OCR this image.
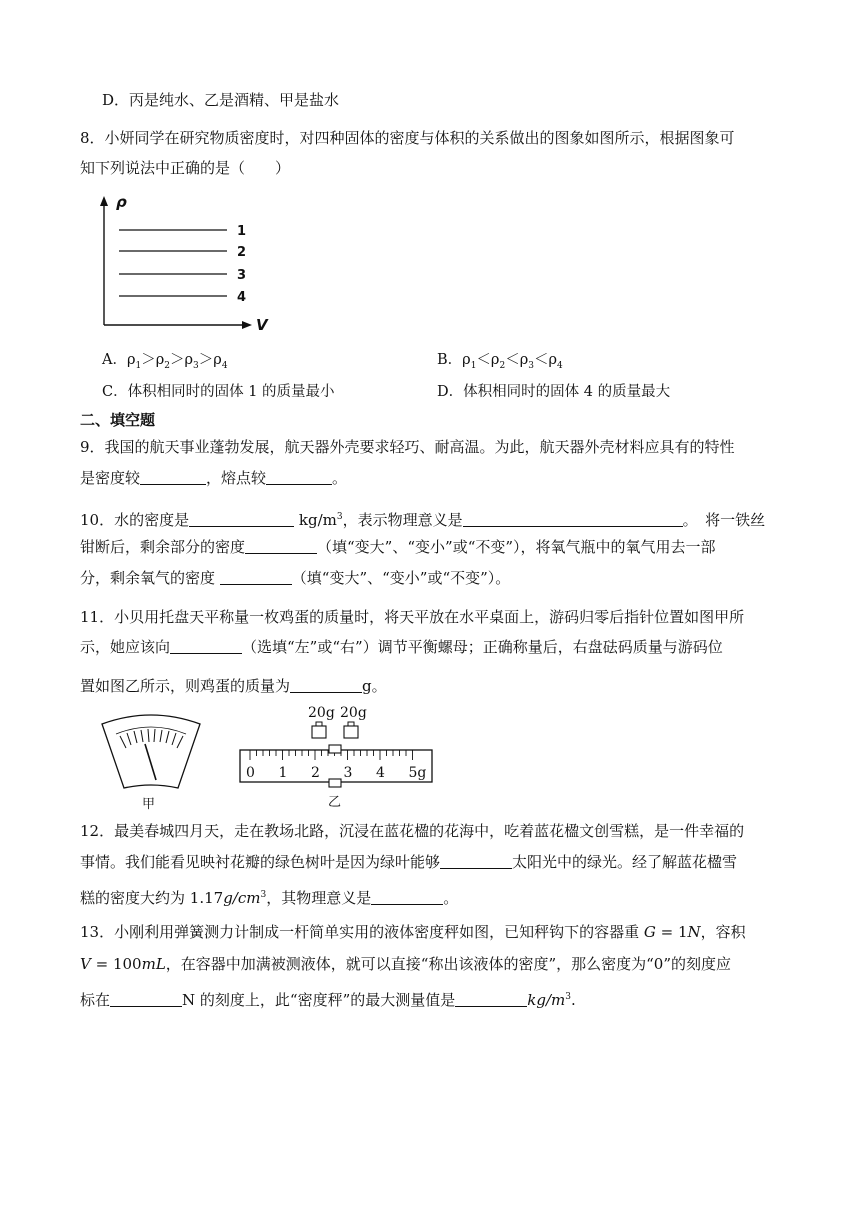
D．丙是纯水、乙是酒精、甲是盐水
8．小妍同学在研究物质密度时，对四种固体的密度与体积的关系做出的图象如图所示，根据图象可
知下列说法中正确的是（　　）
ρ
V
1
2
3
4
A．$\rho_1>\rho_2>\rho_3>\rho_4$	B．$\rho_1<\rho_2<\rho_3<\rho_4$
C．体积相同时的固体 1 的质量最小	D．体积相同时的固体 4 的质量最大
二、填空题
9．我国的航天事业蓬勃发展，航天器外壳要求轻巧、耐高温。为此，航天器外壳材料应具有的特性
是密度较	，熔点较	。
10．水的密度是	$kg/m^3$，表示物理意义是	。　将一铁丝
钳断后，剩余部分的密度	（填“变大”、“变小”或“不变”），将氧气瓶中的氧气用去一部
分，剩余氧气的密度	（填“变大”、“变小”或“不变”）。
11．小贝用托盘天平称量一枚鸡蛋的质量时，将天平放在水平桌面上，游码归零后指针位置如图甲所
示，她应该向	（选填“左”或“右”）调节平衡螺母；正确称量后，右盘砝码质量与游码位
置如图乙所示，则鸡蛋的质量为	g。
甲
20g 20g
0 1 2 3 4 5g
乙
12．最美春城四月天，走在教场北路，沉浸在蓝花楹的花海中，吃着蓝花楹文创雪糕，是一件幸福的
事情。我们能看见映衬花瓣的绿色树叶是因为绿叶能够	太阳光中的绿光。经了解蓝花楹雪
糕的密度大约为 $1.17g/cm^3$，其物理意义是	。
13．小刚利用弹簧测力计制成一杆简单实用的液体密度秤如图，已知秤钩下的容器重 G = 1N，容积
V = 100mL，在容器中加满被测液体，就可以直接“称出该液体的密度”，那么密度为“0”的刻度应
标在	N 的刻度上，此“密度秤”的最大测量值是	$kg/m^3$.
